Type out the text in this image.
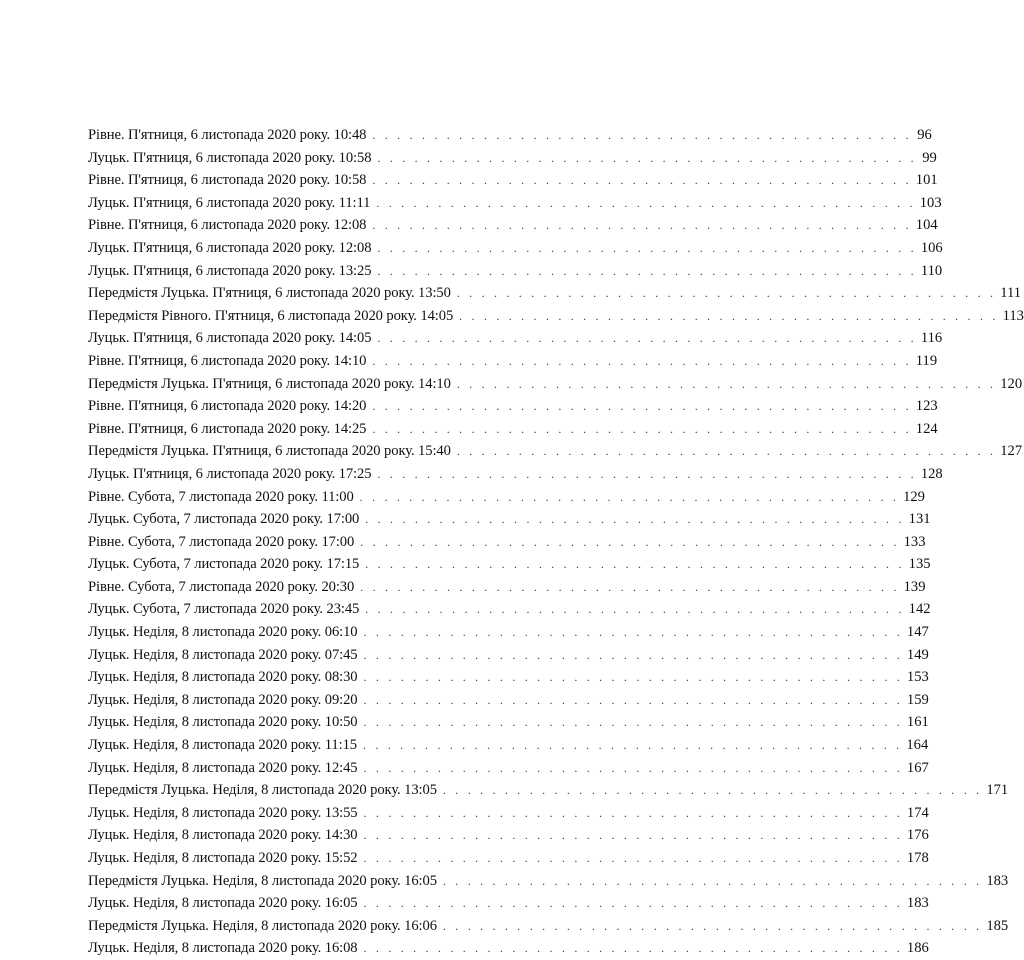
Рівне. П'ятниця, 6 листопада 2020 року. 10:48 . . . . . . . . . . . . . . . . . . . . . . . . . . . . . . . . . . . . . . . . . . . . 96
Луцьк. П'ятниця, 6 листопада 2020 року. 10:58 . . . . . . . . . . . . . . . . . . . . . . . . . . . . . . . . . . . . . . . . . . . . 99
Рівне. П'ятниця, 6 листопада 2020 року. 10:58 . . . . . . . . . . . . . . . . . . . . . . . . . . . . . . . . . . . . . . . . . . . . 101
Луцьк. П'ятниця, 6 листопада 2020 року. 11:11 . . . . . . . . . . . . . . . . . . . . . . . . . . . . . . . . . . . . . . . . . . . . 103
Рівне. П'ятниця, 6 листопада 2020 року. 12:08 . . . . . . . . . . . . . . . . . . . . . . . . . . . . . . . . . . . . . . . . . . . . 104
Луцьк. П'ятниця, 6 листопада 2020 року. 12:08 . . . . . . . . . . . . . . . . . . . . . . . . . . . . . . . . . . . . . . . . . . . . 106
Луцьк. П'ятниця, 6 листопада 2020 року. 13:25 . . . . . . . . . . . . . . . . . . . . . . . . . . . . . . . . . . . . . . . . . . . . 110
Передмістя Луцька. П'ятниця, 6 листопада 2020 року. 13:50 . . . . . . . . . . . . . . . . . . . . . . . . . . . . . . . . . . . . . . . . . . . . 111
Передмістя Рівного. П'ятниця, 6 листопада 2020 року. 14:05 . . . . . . . . . . . . . . . . . . . . . . . . . . . . . . . . . . . . . . . . . . . . 113
Луцьк. П'ятниця, 6 листопада 2020 року. 14:05 . . . . . . . . . . . . . . . . . . . . . . . . . . . . . . . . . . . . . . . . . . . . 116
Рівне. П'ятниця, 6 листопада 2020 року. 14:10 . . . . . . . . . . . . . . . . . . . . . . . . . . . . . . . . . . . . . . . . . . . . 119
Передмістя Луцька. П'ятниця, 6 листопада 2020 року. 14:10 . . . . . . . . . . . . . . . . . . . . . . . . . . . . . . . . . . . . . . . . . . . . 120
Рівне. П'ятниця, 6 листопада 2020 року. 14:20 . . . . . . . . . . . . . . . . . . . . . . . . . . . . . . . . . . . . . . . . . . . . 123
Рівне. П'ятниця, 6 листопада 2020 року. 14:25 . . . . . . . . . . . . . . . . . . . . . . . . . . . . . . . . . . . . . . . . . . . . 124
Передмістя Луцька. П'ятниця, 6 листопада 2020 року. 15:40 . . . . . . . . . . . . . . . . . . . . . . . . . . . . . . . . . . . . . . . . . . . . 127
Луцьк. П'ятниця, 6 листопада 2020 року. 17:25 . . . . . . . . . . . . . . . . . . . . . . . . . . . . . . . . . . . . . . . . . . . . 128
Рівне. Субота, 7 листопада 2020 року. 11:00 . . . . . . . . . . . . . . . . . . . . . . . . . . . . . . . . . . . . . . . . . . . . 129
Луцьк. Субота, 7 листопада 2020 року. 17:00 . . . . . . . . . . . . . . . . . . . . . . . . . . . . . . . . . . . . . . . . . . . . 131
Рівне. Субота, 7 листопада 2020 року. 17:00 . . . . . . . . . . . . . . . . . . . . . . . . . . . . . . . . . . . . . . . . . . . . 133
Луцьк. Субота, 7 листопада 2020 року. 17:15 . . . . . . . . . . . . . . . . . . . . . . . . . . . . . . . . . . . . . . . . . . . . 135
Рівне. Субота, 7 листопада 2020 року. 20:30 . . . . . . . . . . . . . . . . . . . . . . . . . . . . . . . . . . . . . . . . . . . . 139
Луцьк. Субота, 7 листопада 2020 року. 23:45 . . . . . . . . . . . . . . . . . . . . . . . . . . . . . . . . . . . . . . . . . . . . 142
Луцьк. Неділя, 8 листопада 2020 року. 06:10 . . . . . . . . . . . . . . . . . . . . . . . . . . . . . . . . . . . . . . . . . . . . 147
Луцьк. Неділя, 8 листопада 2020 року. 07:45 . . . . . . . . . . . . . . . . . . . . . . . . . . . . . . . . . . . . . . . . . . . . 149
Луцьк. Неділя, 8 листопада 2020 року. 08:30 . . . . . . . . . . . . . . . . . . . . . . . . . . . . . . . . . . . . . . . . . . . . 153
Луцьк. Неділя, 8 листопада 2020 року. 09:20 . . . . . . . . . . . . . . . . . . . . . . . . . . . . . . . . . . . . . . . . . . . . 159
Луцьк. Неділя, 8 листопада 2020 року. 10:50 . . . . . . . . . . . . . . . . . . . . . . . . . . . . . . . . . . . . . . . . . . . . 161
Луцьк. Неділя, 8 листопада 2020 року. 11:15 . . . . . . . . . . . . . . . . . . . . . . . . . . . . . . . . . . . . . . . . . . . . 164
Луцьк. Неділя, 8 листопада 2020 року. 12:45 . . . . . . . . . . . . . . . . . . . . . . . . . . . . . . . . . . . . . . . . . . . . 167
Передмістя Луцька. Неділя, 8 листопада 2020 року. 13:05 . . . . . . . . . . . . . . . . . . . . . . . . . . . . . . . . . . . . . . . . . . . . 171
Луцьк. Неділя, 8 листопада 2020 року. 13:55 . . . . . . . . . . . . . . . . . . . . . . . . . . . . . . . . . . . . . . . . . . . . 174
Луцьк. Неділя, 8 листопада 2020 року. 14:30 . . . . . . . . . . . . . . . . . . . . . . . . . . . . . . . . . . . . . . . . . . . . 176
Луцьк. Неділя, 8 листопада 2020 року. 15:52 . . . . . . . . . . . . . . . . . . . . . . . . . . . . . . . . . . . . . . . . . . . . 178
Передмістя Луцька. Неділя, 8 листопада 2020 року. 16:05 . . . . . . . . . . . . . . . . . . . . . . . . . . . . . . . . . . . . . . . . . . . . 183
Луцьк. Неділя, 8 листопада 2020 року. 16:05 . . . . . . . . . . . . . . . . . . . . . . . . . . . . . . . . . . . . . . . . . . . . 183
Передмістя Луцька. Неділя, 8 листопада 2020 року. 16:06 . . . . . . . . . . . . . . . . . . . . . . . . . . . . . . . . . . . . . . . . . . . . 185
Луцьк. Неділя, 8 листопада 2020 року. 16:08 . . . . . . . . . . . . . . . . . . . . . . . . . . . . . . . . . . . . . . . . . . . . 186
